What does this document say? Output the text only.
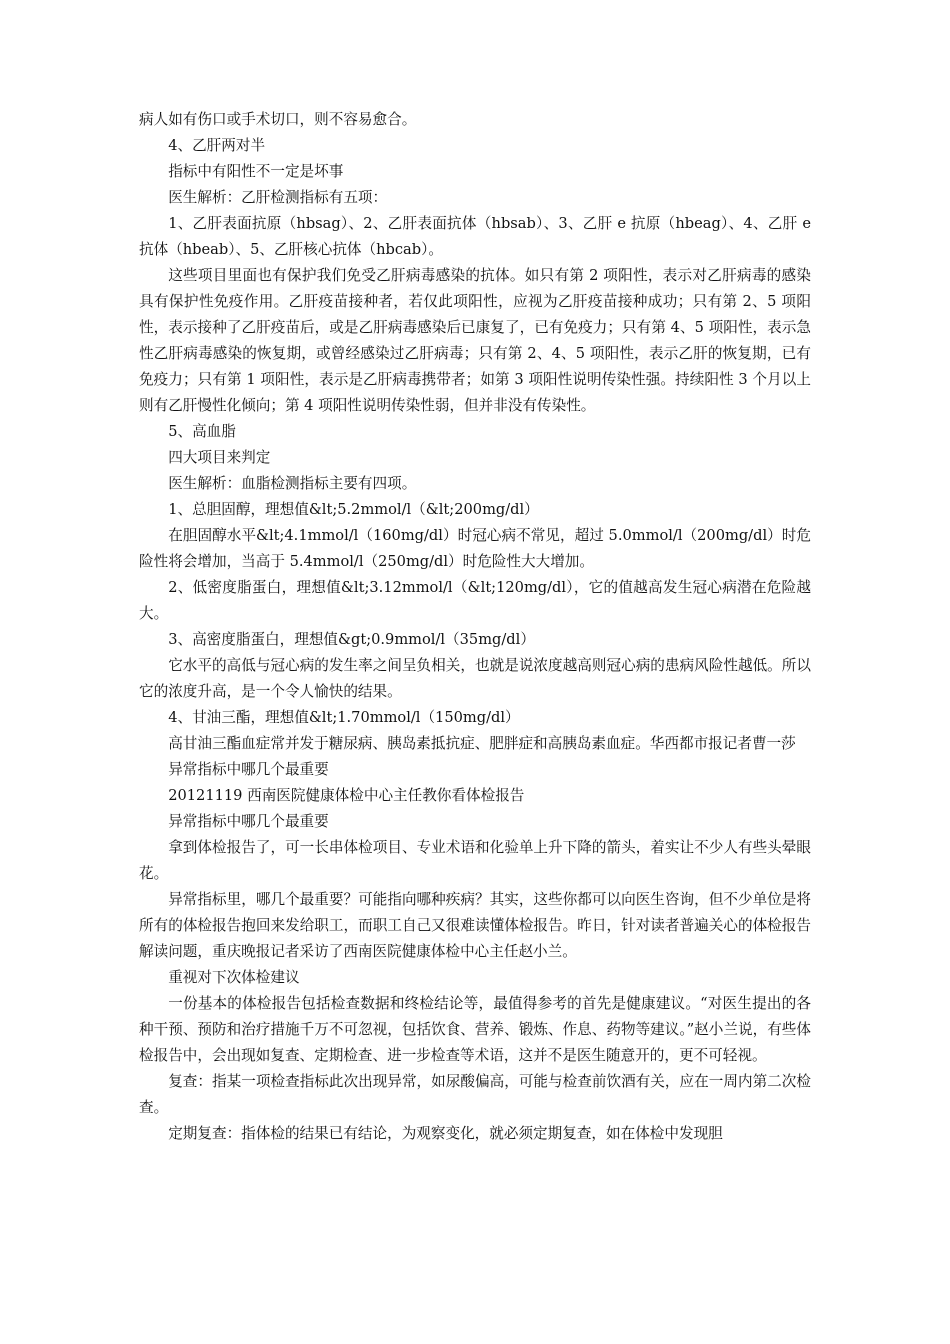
病人如有伤口或手术切口，则不容易愈合。

4、乙肝两对半

指标中有阳性不一定是坏事

医生解析：乙肝检测指标有五项：

1、乙肝表面抗原（hbsag）、2、乙肝表面抗体（hbsab）、3、乙肝 e 抗原（hbeag）、4、乙肝 e 抗体（hbeab）、5、乙肝核心抗体（hbcab）。

这些项目里面也有保护我们免受乙肝病毒感染的抗体。如只有第 2 项阳性，表示对乙肝病毒的感染具有保护性免疫作用。乙肝疫苗接种者，若仅此项阳性，应视为乙肝疫苗接种成功；只有第 2、5 项阳性，表示接种了乙肝疫苗后，或是乙肝病毒感染后已康复了，已有免疫力；只有第 4、5 项阳性，表示急性乙肝病毒感染的恢复期，或曾经感染过乙肝病毒；只有第 2、4、5 项阳性，表示乙肝的恢复期，已有免疫力；只有第 1 项阳性，表示是乙肝病毒携带者；如第 3 项阳性说明传染性强。持续阳性 3 个月以上则有乙肝慢性化倾向；第 4 项阳性说明传染性弱，但并非没有传染性。

5、高血脂

四大项目来判定

医生解析：血脂检测指标主要有四项。

1、总胆固醇，理想值&lt;5.2mmol/l（&lt;200mg/dl）

在胆固醇水平&lt;4.1mmol/l（160mg/dl）时冠心病不常见，超过 5.0mmol/l（200mg/dl）时危险性将会增加，当高于 5.4mmol/l（250mg/dl）时危险性大大增加。

2、低密度脂蛋白，理想值&lt;3.12mmol/l（&lt;120mg/dl），它的值越高发生冠心病潜在危险越大。

3、高密度脂蛋白，理想值&gt;0.9mmol/l（35mg/dl）

它水平的高低与冠心病的发生率之间呈负相关，也就是说浓度越高则冠心病的患病风险性越低。所以它的浓度升高，是一个令人愉快的结果。

4、甘油三酯，理想值&lt;1.70mmol/l（150mg/dl）

高甘油三酯血症常并发于糖尿病、胰岛素抵抗症、肥胖症和高胰岛素血症。华西都市报记者曹一莎

异常指标中哪几个最重要

20121119 西南医院健康体检中心主任教你看体检报告

异常指标中哪几个最重要

拿到体检报告了，可一长串体检项目、专业术语和化验单上升下降的箭头，着实让不少人有些头晕眼花。

异常指标里，哪几个最重要？可能指向哪种疾病？其实，这些你都可以向医生咨询，但不少单位是将所有的体检报告抱回来发给职工，而职工自己又很难读懂体检报告。昨日，针对读者普遍关心的体检报告解读问题，重庆晚报记者采访了西南医院健康体检中心主任赵小兰。

重视对下次体检建议

一份基本的体检报告包括检查数据和终检结论等，最值得参考的首先是健康建议。“对医生提出的各种干预、预防和治疗措施千万不可忽视，包括饮食、营养、锻炼、作息、药物等建议。”赵小兰说，有些体检报告中，会出现如复查、定期检查、进一步检查等术语，这并不是医生随意开的，更不可轻视。

复查：指某一项检查指标此次出现异常，如尿酸偏高，可能与检查前饮酒有关，应在一周内第二次检查。

定期复查：指体检的结果已有结论，为观察变化，就必须定期复查，如在体检中发现胆
